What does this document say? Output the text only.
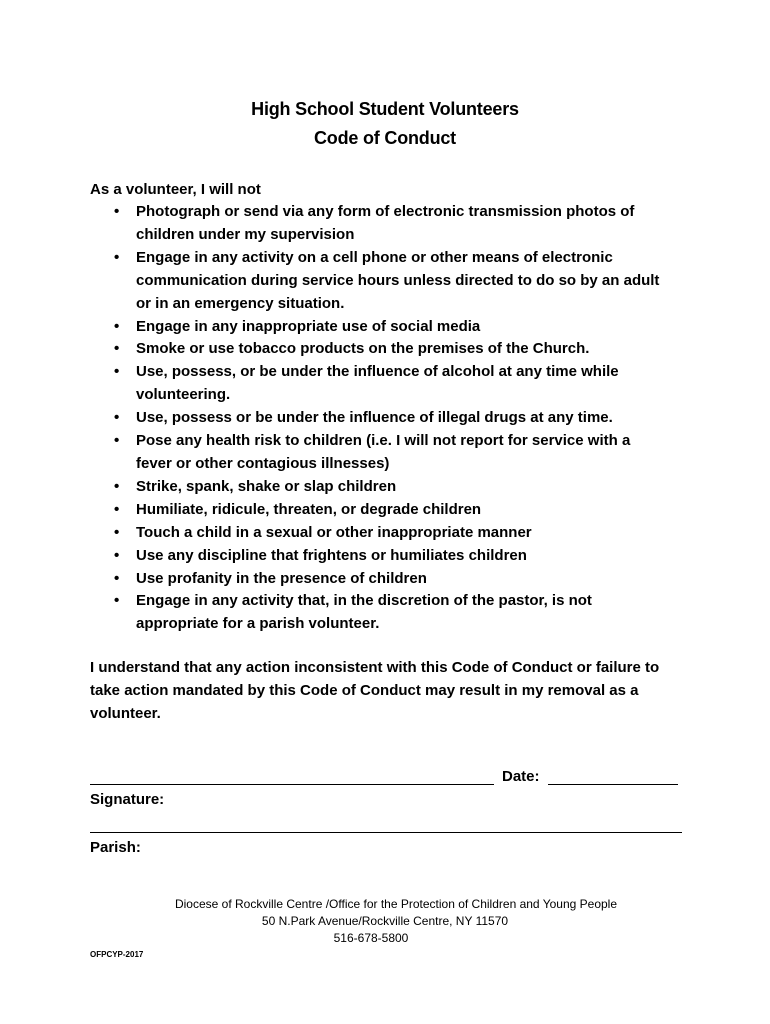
High School Student Volunteers
Code of Conduct
As a volunteer, I will not
• Photograph or send via any form of electronic transmission photos of
children under my supervision
• Engage in any activity on a cell phone or other means of electronic
communication during service hours unless directed to do so by an adult
or in an emergency situation.
• Engage in any inappropriate use of social media
• Smoke or use tobacco products on the premises of the Church.
• Use, possess, or be under the influence of alcohol at any time while
volunteering.
• Use, possess or be under the influence of illegal drugs at any time.
• Pose any health risk to children (i.e. I will not report for service with a
fever or other contagious illnesses)
• Strike, spank, shake or slap children
• Humiliate, ridicule, threaten, or degrade children
• Touch a child in a sexual or other inappropriate manner
• Use any discipline that frightens or humiliates children
• Use profanity in the presence of children
• Engage in any activity that, in the discretion of the pastor, is not
appropriate for a parish volunteer.
I understand that any action inconsistent with this Code of Conduct or failure to
take action mandated by this Code of Conduct may result in my removal as a
volunteer.
Date:
Signature:
Parish:
Diocese of Rockville Centre /Office for the Protection of Children and Young People
50 N.Park Avenue/Rockville Centre, NY 11570
516-678-5800
OFPCYP-2017
